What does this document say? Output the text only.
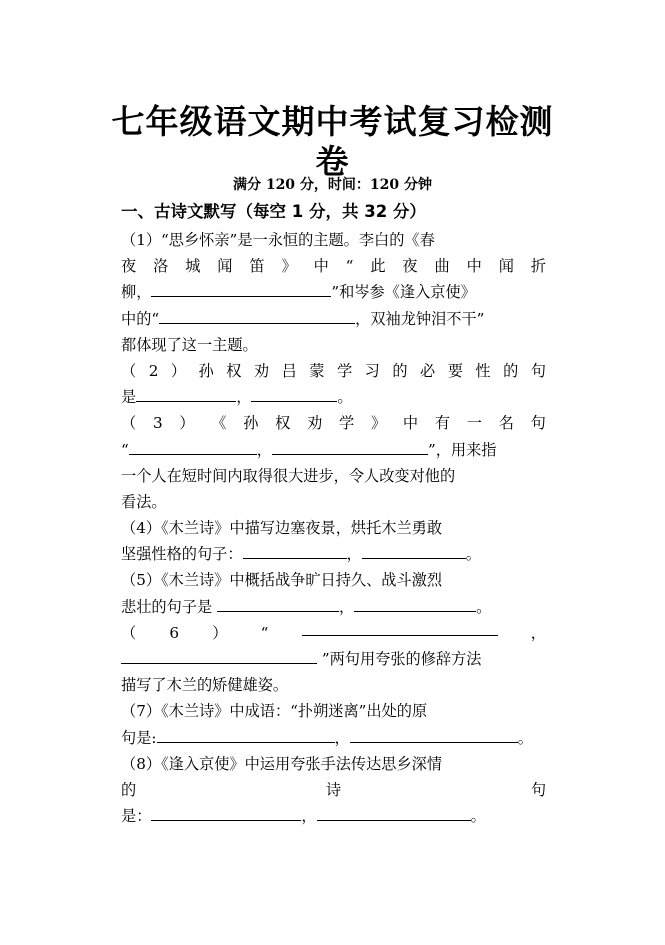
七年级语文期中考试复习检测
卷
满分 120 分，时间：120 分钟
一、古诗文默写（每空 1 分，共 32 分）
（1）“思乡怀亲”是一永恒的主题。李白的《春
夜 洛 城 闻 笛 》 中 “ 此 夜 曲 中 闻 折
柳，	”和岑参《逢入京使》
中的“	，双袖龙钟泪不干”
都体现了这一主题。
（ 2 ） 孙 权 劝 吕 蒙 学 习 的 必 要 性 的 句
是	，	。
（ 3 ） 《 孙 权 劝 学 》 中 有 一 名 句
“	，	”，用来指
一个人在短时间内取得很大进步，令人改变对他的
看法。
（4）《木兰诗》中描写边塞夜景，烘托木兰勇敢
坚强性格的句子：	，	。
（5）《木兰诗》中概括战争旷日持久、战斗激烈
悲壮的句子是	，	。
（ 6 ） “	，
”两句用夸张的修辞方法
描写了木兰的矫健雄姿。
（7）《木兰诗》中成语：“扑朔迷离”出处的原
句是:	，	。
（8）《逢入京使》中运用夸张手法传达思乡深情
的	诗	句
是：	，	。
